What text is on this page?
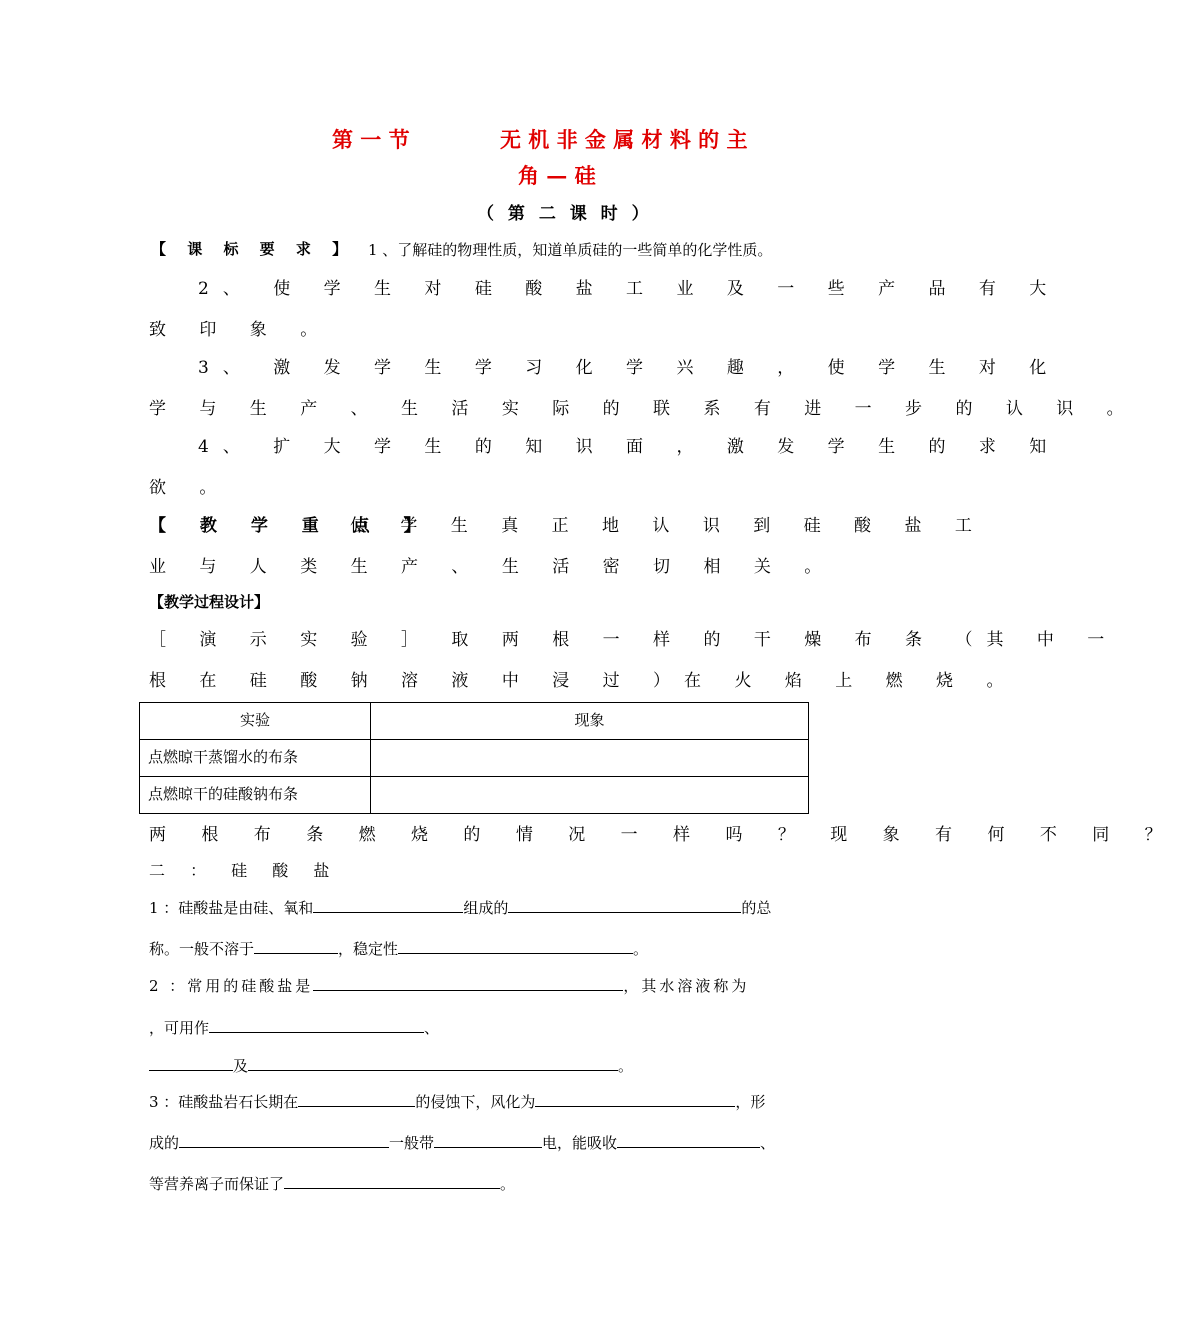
第 一 节	无 机 非 金 属 材 料 的 主
角 — 硅
（ 第 二 课 时 ）
【 课 标 要 求 】 1 、了解硅的物理性质，知道单质硅的一些简单的化学性质。
2、 使 学 生 对 硅 酸 盐 工 业 及 一 些 产 品 有 大
致 印 象 。
3、 激 发 学 生 学 习 化 学 兴 趣 ， 使 学 生 对 化
学 与 生 产 、 生 活 实 际 的 联 系 有 进 一 步 的 认 识 。
4、 扩 大 学 生 的 知 识 面 ， 激 发 学 生 的 求 知
欲 。
【 教 学 重 点 】
使 学 生 真 正 地 认 识 到 硅 酸 盐 工
业 与 人 类 生 产 、 生 活 密 切 相 关 。
【教学过程设计】
［ 演 示 实 验 ］ 取 两 根 一 样 的 干 燥 布 条 （其 中 一
根 在 硅 酸 钠 溶 液 中 浸 过 ）在 火 焰 上 燃 烧 。
实验	现象
点燃晾干蒸馏水的布条	
点燃晾干的硅酸钠布条	
两 根 布 条 燃 烧 的 情 况 一 样 吗 ？ 现 象 有 何 不 同 ？
二 ： 硅 酸 盐
1 ：硅酸盐是由硅、氧和	组成的	的总
称。一般不溶于	，稳定性	。
2 ：常用的硅酸盐是	，其水溶液称为
，可用作	、
及	。
3 ：硅酸盐岩石长期在	的侵蚀下，风化为	，形
成的	一般带	电，能吸收	、
等营养离子而保证了	。
